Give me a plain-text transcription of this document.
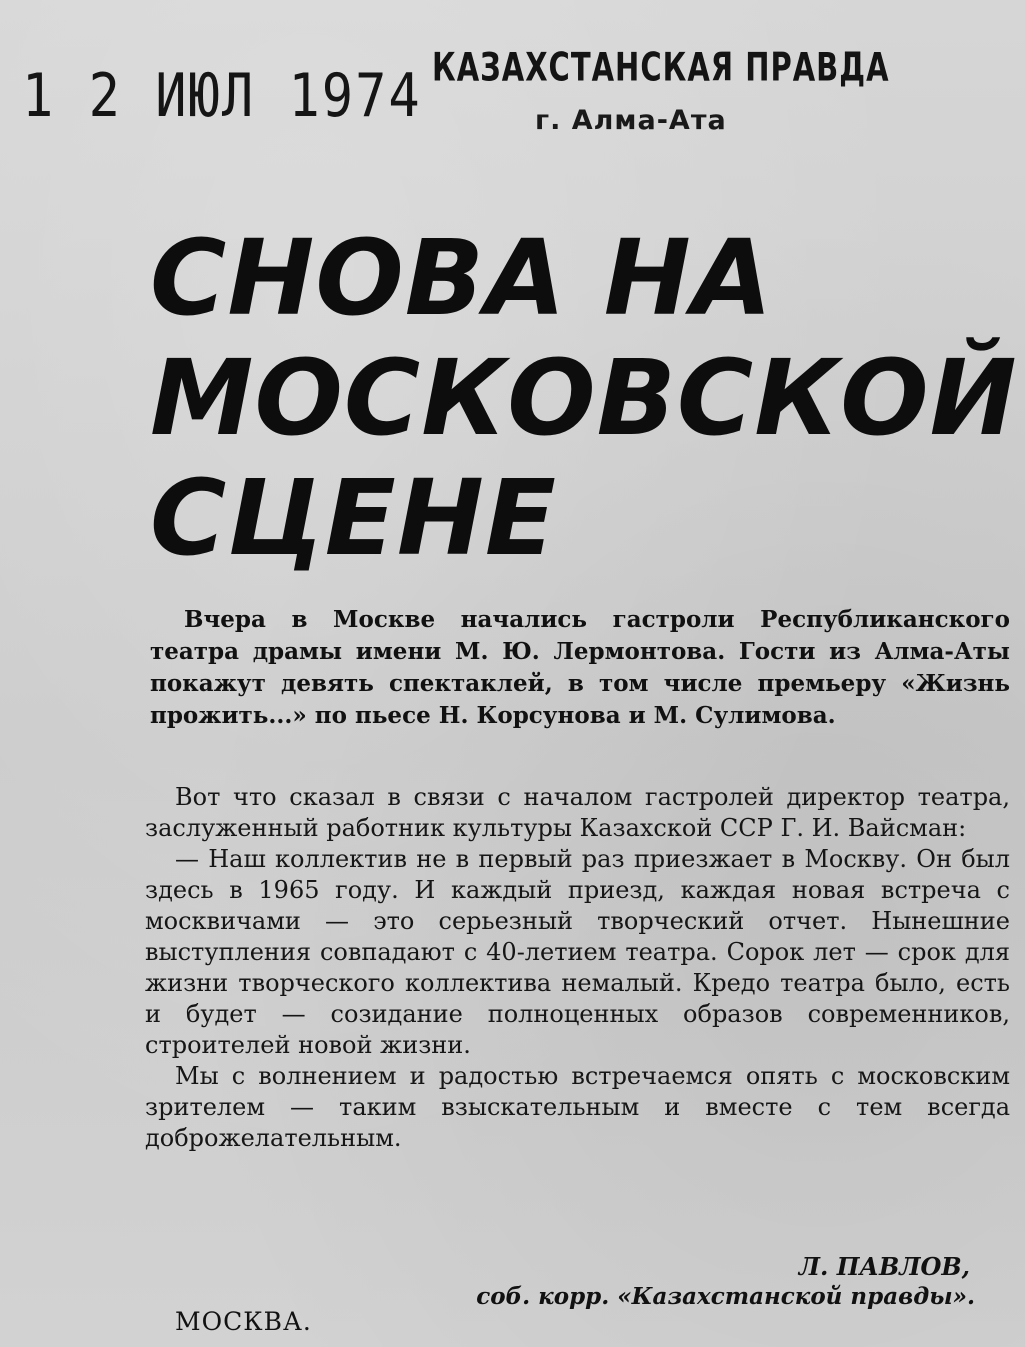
1 2 ИЮЛ 1974 КАЗАХСТАНСКАЯ ПРАВДА
г. Алма-Ата
СНОВА НА
МОСКОВСКОЙ
СЦЕНЕ

Вчера в Москве начались гастроли Республиканского театра драмы имени М. Ю. Лермонтова. Гости из Алма-Аты покажут девять спектаклей, в том числе премьеру «Жизнь прожить...» по пьесе Н. Корсунова и М. Сулимова.

Вот что сказал в связи с началом гастролей директор театра, заслуженный работник культуры Казахской ССР Г. И. Вайсман:

— Наш коллектив не в первый раз приезжает в Москву. Он был здесь в 1965 году. И каждый приезд, каждая новая встреча с москвичами — это серьезный творческий отчет. Нынешние выступления совпадают с 40-летием театра. Сорок лет — срок для жизни творческого коллектива немалый. Кредо театра было, есть и будет — созидание полноценных образов современников, строителей новой жизни.

Мы с волнением и радостью встречаемся опять с московским зрителем — таким взыскательным и вместе с тем всегда доброжелательным.

Л. ПАВЛОВ,
соб. корр. «Казахстанской правды».
МОСКВА.
